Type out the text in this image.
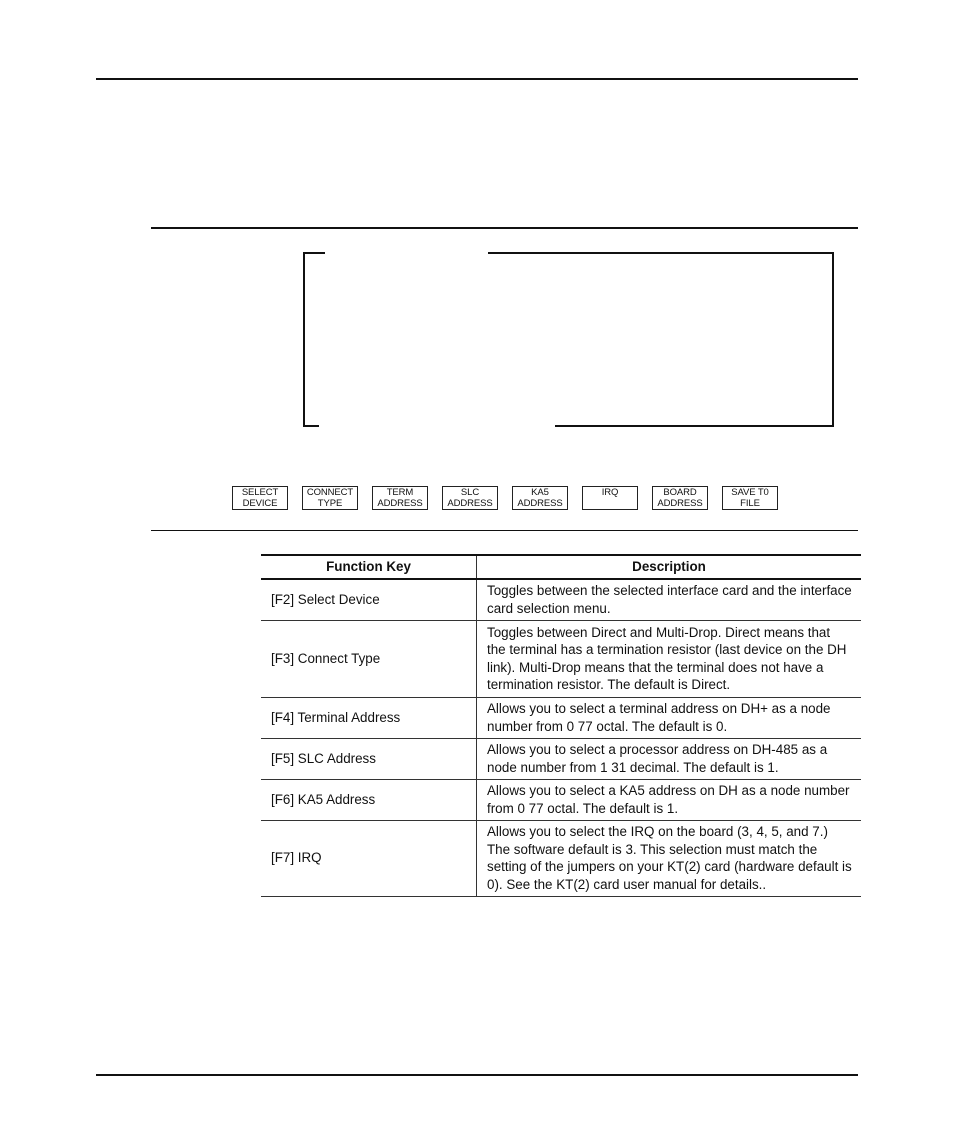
SELECT
DEVICE
CONNECT
TYPE
TERM
ADDRESS
SLC
ADDRESS
KA5
ADDRESS
IRQ	BOARD
ADDRESS
SAVE T0
FILE
Function Key	Description
[F2] Select Device	Toggles between the selected interface card and the interface card selection menu.
[F3] Connect Type	Toggles between Direct and Multi-Drop. Direct means that the terminal has a termination resistor (last device on the DH link). Multi-Drop means that the terminal does not have a termination resistor. The default is Direct.
[F4] Terminal Address	Allows you to select a terminal address on DH+ as a node number from 0 77 octal. The default is 0.
[F5] SLC Address	Allows you to select a processor address on DH-485 as a node number from 1 31 decimal. The default is 1.
[F6] KA5 Address	Allows you to select a KA5 address on DH as a node number from 0 77 octal. The default is 1.
[F7] IRQ	Allows you to select the IRQ on the board (3, 4, 5, and 7.) The software default is 3. This selection must match the setting of the jumpers on your KT(2) card (hardware default is 0). See the KT(2) card user manual for details..
